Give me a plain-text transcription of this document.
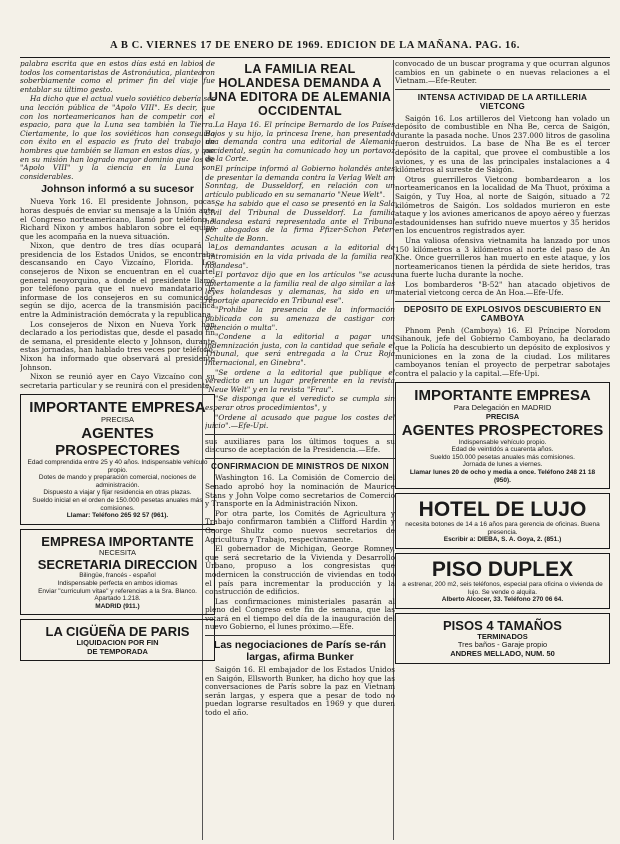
A B C. VIERNES 17 DE ENERO DE 1969. EDICION DE LA MAÑANA. PAG. 16.

palabra escrita que en estos días está en labios de todos los comentaristas de Astronáutica, plantearon soberbiamente como el primer fin del viaje fue entablar su último gesto.

Ha dicho que el actual vuelo soviético debería ser una lección pública de "Apolo VIII". Es decir, que con los norteamericanos han de competir con el espacio, para que la Luna sea también la Tierra. Ciertamente, lo que los soviéticos han conseguido con éxito en el espacio es fruto del trabajo de hombres que también se llaman en estos días, y que en su misión han logrado mayor dominio que los de "Apolo VIII" y la ciencia en la Luna son considerables.

Johnson informó a su sucesor

Nueva York 16. El presidente Johnson, pocas horas después de enviar su mensaje a la Unión ante el Congreso norteamericano, llamó por teléfono a Richard Nixon y ambos hablaron sobre el equipo que les acompaña en la nueva situación.

Nixon, que dentro de tres días ocupará la presidencia de los Estados Unidos, se encontraba descansando en Cayo Vizcaíno, Florida. Los consejeros de Nixon se encuentran en el cuartel general neoyorquino, a donde el presidente llamó por teléfono para que el nuevo mandatario le informase de los consejeros en su comunicado, según se dijo, acerca de la transmisión pacífica entre la Administración demócrata y la republicana.

Los consejeros de Nixon en Nueva York han declarado a los periodistas que, desde el pasado fin de semana, el presidente electo y Johnson, durante estas jornadas, han hablado tres veces por teléfono. Nixon ha informado que observará al presidente Johnson.

Nixon se reunió ayer en Cayo Vizcaíno con su secretaria particular y se reunirá con el presidente.

IMPORTANTE EMPRESA
PRECISA
AGENTES PROSPECTORES
Edad comprendida entre 25 y 40 años. Indispensable vehículo propio.
Dotes de mando y preparación comercial, nociones de administración.
Dispuesto a viajar y fijar residencia en otras plazas.
Sueldo inicial en el orden de 150.000 pesetas anuales más comisiones.
Llamar: Teléfono 265 92 57 (961).
EMPRESA IMPORTANTE
NECESITA
SECRETARIA DIRECCION
Bilingüe, francés - español
Indispensable perfecta en ambos idiomas
Enviar "curriculum vitae" y referencias a la Sra. Blanco. Apartado 1.218.
MADRID (911.)
LA CIGÜEÑA DE PARIS
LIQUIDACION POR FIN
DE TEMPORADA
LA FAMILIA REAL HOLANDESA DEMANDA A UNA EDITORA DE ALEMANIA OCCIDENTAL

La Haya 16. El príncipe Bernardo de los Países Bajos y su hijo, la princesa Irene, han presentado una demanda contra una editorial de Alemania occidental, según ha comunicado hoy un portavoz de la Corte.

El príncipe informó al Gobierno holandés antes de presentar la demanda contra la Verlag Welt am Sonntag, de Dusseldorf, en relación con un artículo publicado en su semanario "Neue Welt".

Se ha sabido que el caso se presentó en la Sala Civil del Tribunal de Dusseldorf. La familia holandesa estará representada ante el Tribunal por abogados de la firma Pfizer-Schon Peter-Schulte de Bonn.

Los demandantes acusan a la editorial de "intromisión en la vida privada de la familia real holandesa".

El portavoz dijo que en los artículos "se acusa abiertamente a la familia real de algo similar a las leyes holandesas y alemanas, ha sido en un reportaje aparecido en Tribunal ese".

"Prohibe la presencia de la información publicada con su amenaza de castigar con detención o multa".

"Condene a la editorial a pagar una indemnización justa, con la cantidad que señale el Tribunal, que será entregada a la Cruz Roja Internacional, en Ginebra".

"Se ordene a la editorial que publique el veredicto en un lugar preferente en la revista "Neue Welt" y en la revista "Frau".

"Se disponga que el veredicto se cumpla sin esperar otros procedimientos", y

"Ordene al acusado que pague los costes del juicio".—Efe-Upi.

sus auxiliares para los últimos toques a su discurso de aceptación de la Presidencia.—Efe.

CONFIRMACION DE MINISTROS DE NIXON

Washington 16. La Comisión de Comercio del Senado aprobó hoy la nominación de Maurice Stans y John Volpe como secretarios de Comercio y Transporte en la Administración Nixon.

Por otra parte, los Comités de Agricultura y Trabajo confirmaron también a Clifford Hardin y George Shultz como nuevos secretarios de Agricultura y Trabajo, respectivamente.

El gobernador de Michigan, George Romney, que será secretario de la Vivienda y Desarrollo Urbano, propuso a los congresistas que modernicen la construcción de viviendas en todo el país para incrementar la producción y la construcción de edificios.

Las confirmaciones ministeriales pasarán al pleno del Congreso este fin de semana, que las votará en el tiempo del día de la inauguración del nuevo Gobierno, el lunes próximo.—Efe.

Las negociaciones de París se-rán largas, afirma Bunker

Saigón 16. El embajador de los Estados Unidos en Saigón, Ellsworth Bunker, ha dicho hoy que las conversaciones de París sobre la paz en Vietnam serán largas, y espera que a pesar de todo no puedan lograrse resultados en 1969 y que duren todo el año.

convocado de un buscar programa y que ocurran algunos cambios en un gabinete o en nuevas relaciones a el Vietnam.—Efe-Reuter.

INTENSA ACTIVIDAD DE LA ARTILLERIA VIETCONG

Saigón 16. Los artilleros del Vietcong han volado un depósito de combustible en Nha Be, cerca de Saigón, durante la pasada noche. Unos 237.000 litros de gasolina fueron destruidos. La base de Nha Be es el tercer depósito de la capital, que provee el combustible a los aviones, y es una de las principales instalaciones a 4 kilómetros al sureste de Saigón.

Otros guerrilleros Vietcong bombardearon a los norteamericanos en la localidad de Ma Thuot, próxima a Saigón, y Tuy Hoa, al norte de Saigón, situado a 72 kilómetros de Saigón. Los soldados murieron en este ataque y los aviones americanos de apoyo aéreo y fuerzas estadounidenses han sufrido nueve muertos y 35 heridos en los encuentros registrados ayer.

Una valiosa ofensiva vietnamita ha lanzado por unos 150 kilómetros a 3 kilómetros al norte del paso de An Khe. Once guerrilleros han muerto en este ataque, y los norteamericanos tienen la pérdida de siete heridos, tras una fuerte lucha durante la noche.

Los bombarderos "B-52" han atacado objetivos de material vietcong cerca de An Hoa.—Efe-Ufe.

DEPOSITO DE EXPLOSIVOS DESCUBIERTO EN CAMBOYA

Phnom Penh (Camboya) 16. El Príncipe Norodom Sihanouk, jefe del Gobierno Camboyano, ha declarado que la Policía ha descubierto un depósito de explosivos y municiones en la zona de la ciudad. Los militares camboyanos tenían el proyecto de perpetrar sabotajes contra el palacio y la capital.—Efe-Upi.

IMPORTANTE EMPRESA
Para Delegación en MADRID
PRECISA
AGENTES PROSPECTORES
Indispensable vehículo propio.
Edad de veintidós a cuarenta años.
Sueldo 150.000 pesetas anuales más comisiones.
Jornada de lunes a viernes.
Llamar lunes 20 de ocho y media a once. Teléfono 248 21 18 (950).
HOTEL DE LUJO
necesita botones de 14 a 16 años para gerencia de oficinas. Buena presencia.
Escribir a: DIEBA, S. A. Goya, 2. (851.)
PISO DUPLEX
a estrenar, 200 m2, seis teléfonos, especial para oficina o vivienda de lujo. Se vende o alquila.
Alberto Alcocer, 33. Teléfono 270 06 64.
PISOS 4 TAMAÑOS
TERMINADOS
Tres baños - Garaje propio
ANDRES MELLADO, NUM. 50
